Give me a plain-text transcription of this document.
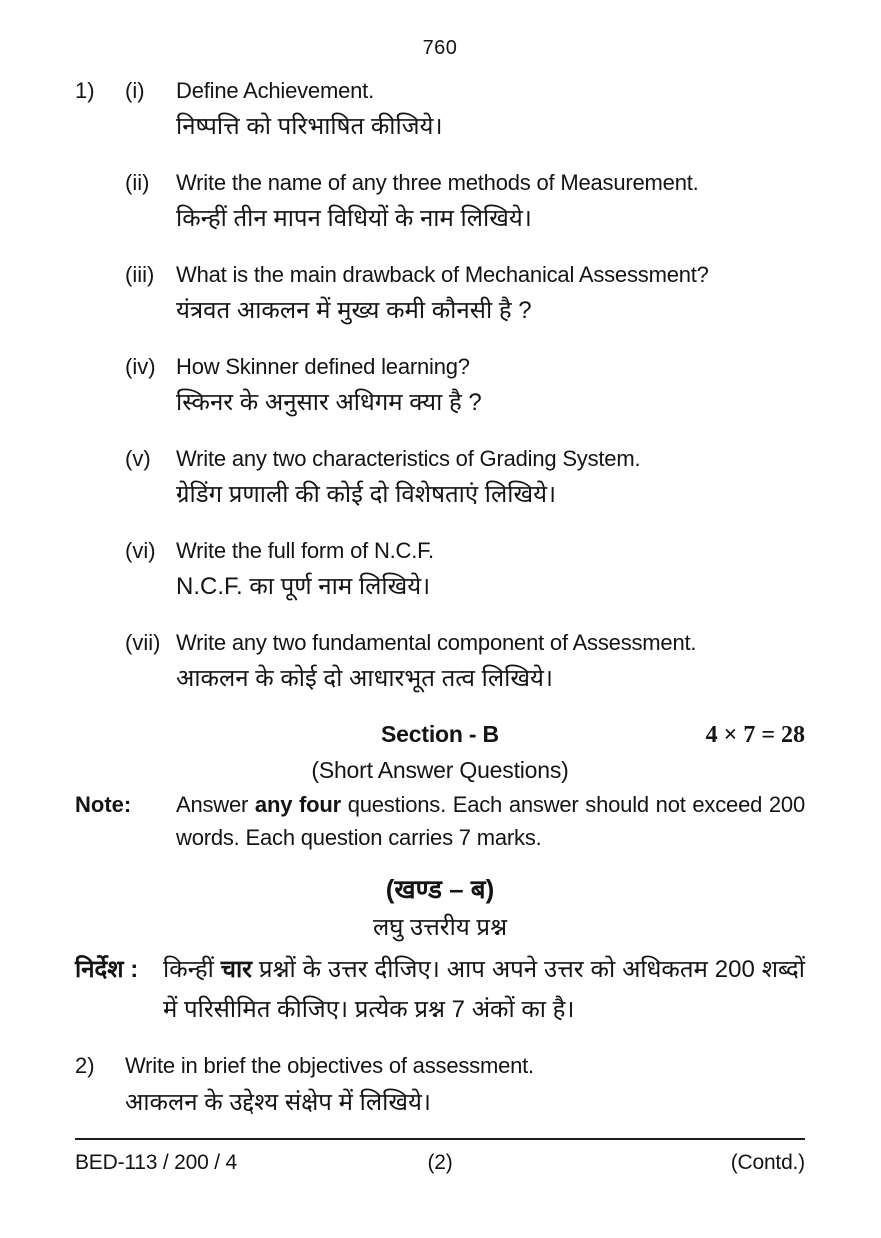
760
1)	(i)	Define Achievement.
निष्पत्ति को परिभाषित कीजिये।
(ii)	Write the name of any three methods of Measurement.
किन्हीं तीन मापन विधियों के नाम लिखिये।
(iii) What is the main drawback of Mechanical Assessment?
यंत्रवत आकलन में मुख्य कमी कौनसी है ?
(iv) How Skinner defined learning?
स्किनर के अनुसार अधिगम क्या है ?
(v)	Write any two characteristics of Grading System.
ग्रेडिंग प्रणाली की कोई दो विशेषताएं लिखिये।
(vi) Write the full form of N.C.F.
N.C.F. का पूर्ण नाम लिखिये।
(vii) Write any two fundamental component of Assessment.
आकलन के कोई दो आधारभूत तत्व लिखिये।
Section - B	4 × 7 = 28
(Short Answer Questions)
Note:	Answer any four questions. Each answer should not exceed 200 words. Each question carries 7 marks.
(खण्ड – ब)
लघु उत्तरीय प्रश्न
निर्देश :	किन्हीं चार प्रश्नों के उत्तर दीजिए। आप अपने उत्तर को अधिकतम 200 शब्दों में परिसीमित कीजिए। प्रत्येक प्रश्न 7 अंकों का है।
2)	Write in brief the objectives of assessment.
आकलन के उद्देश्य संक्षेप में लिखिये।
BED-113 / 200 / 4	(2)	(Contd.)
